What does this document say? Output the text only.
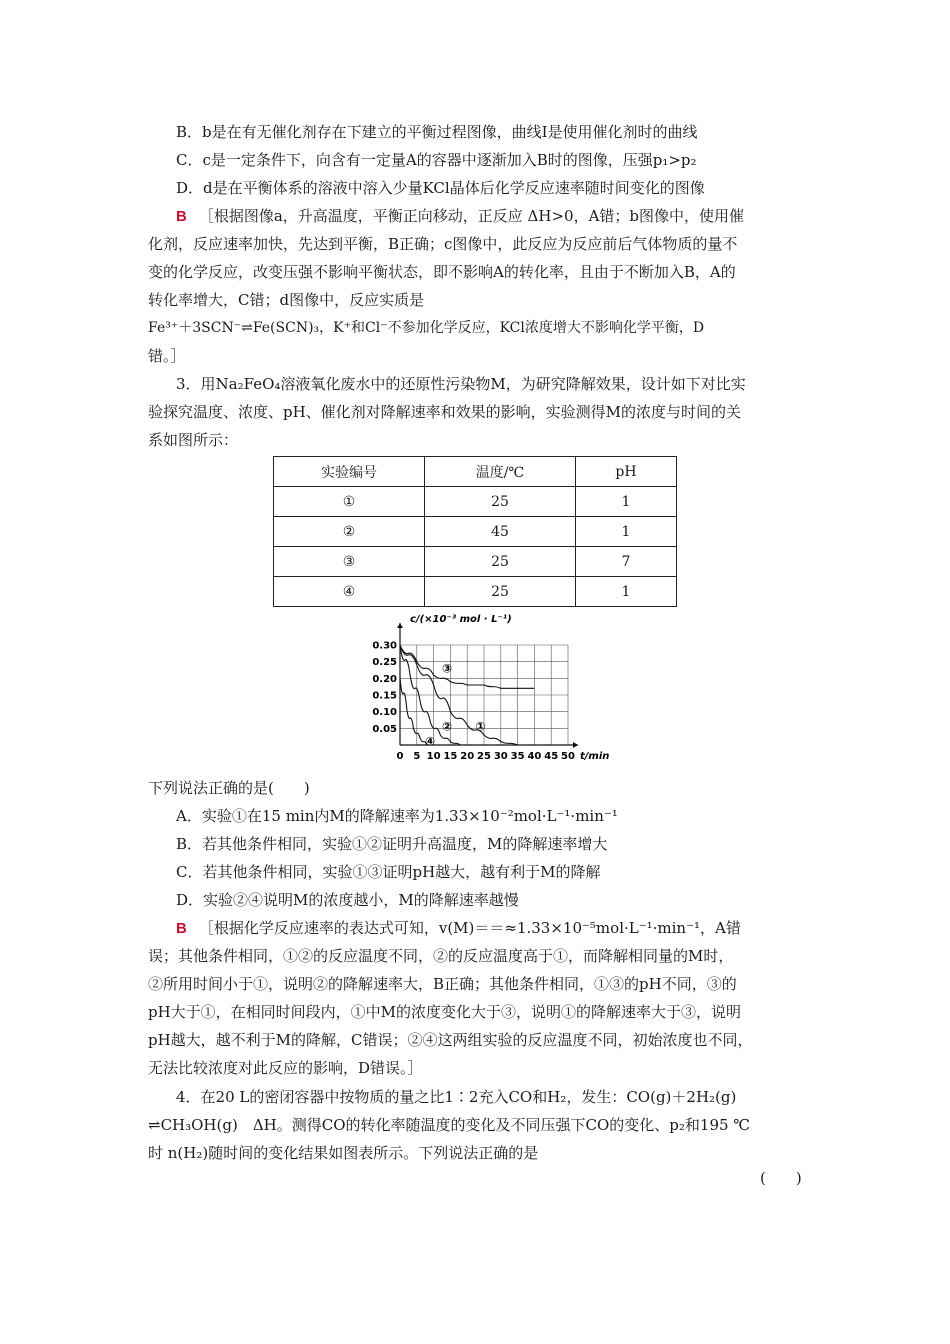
B．b是在有无催化剂存在下建立的平衡过程图像，曲线Ⅰ是使用催化剂时的曲线
C．c是一定条件下，向含有一定量A的容器中逐渐加入B时的图像，压强p₁>p₂
D．d是在平衡体系的溶液中溶入少量KCl晶体后化学反应速率随时间变化的图像
B ［根据图像a，升高温度，平衡正向移动，正反应 ΔH>0，A错；b图像中，使用催
化剂，反应速率加快，先达到平衡，B正确；c图像中，此反应为反应前后气体物质的量不
变的化学反应，改变压强不影响平衡状态，即不影响A的转化率，且由于不断加入B，A的
转化率增大，C错；d图像中，反应实质是
Fe³⁺＋3SCN⁻⇌Fe(SCN)₃，K⁺和Cl⁻不参加化学反应，KCl浓度增大不影响化学平衡，D
错。］
3．用Na₂FeO₄溶液氧化废水中的还原性污染物M，为研究降解效果，设计如下对比实
验探究温度、浓度、pH、催化剂对降解速率和效果的影响，实验测得M的浓度与时间的关
系如图所示：
实验编号	温度/℃	pH
①	25	1
②	45	1
③	25	7
④	25	1
0 5 10 15 20 25 30 35 40 45 50
0.30
0.25
0.20
0.15
0.10
0.05
c/(×10⁻³ mol · L⁻¹)
t/min
③
② ①
④
下列说法正确的是(　　)
A．实验①在15 min内M的降解速率为1.33×10⁻²mol·L⁻¹·min⁻¹
B．若其他条件相同，实验①②证明升高温度，M的降解速率增大
C．若其他条件相同，实验①③证明pH越大，越有利于M的降解
D．实验②④说明M的浓度越小，M的降解速率越慢
B ［根据化学反应速率的表达式可知，v(M)＝＝≈1.33×10⁻⁵mol·L⁻¹·min⁻¹，A错
误；其他条件相同，①②的反应温度不同，②的反应温度高于①，而降解相同量的M时，
②所用时间小于①，说明②的降解速率大，B正确；其他条件相同，①③的pH不同，③的
pH大于①，在相同时间段内，①中M的浓度变化大于③，说明①的降解速率大于③，说明
pH越大，越不利于M的降解，C错误；②④这两组实验的反应温度不同，初始浓度也不同，
无法比较浓度对此反应的影响，D错误。］
4．在20 L的密闭容器中按物质的量之比1∶2充入CO和H₂，发生：CO(g)＋2H₂(g)
⇌CH₃OH(g)　ΔH。测得CO的转化率随温度的变化及不同压强下CO的变化、p₂和195 ℃
时 n(H₂)随时间的变化结果如图表所示。下列说法正确的是
(　　)
